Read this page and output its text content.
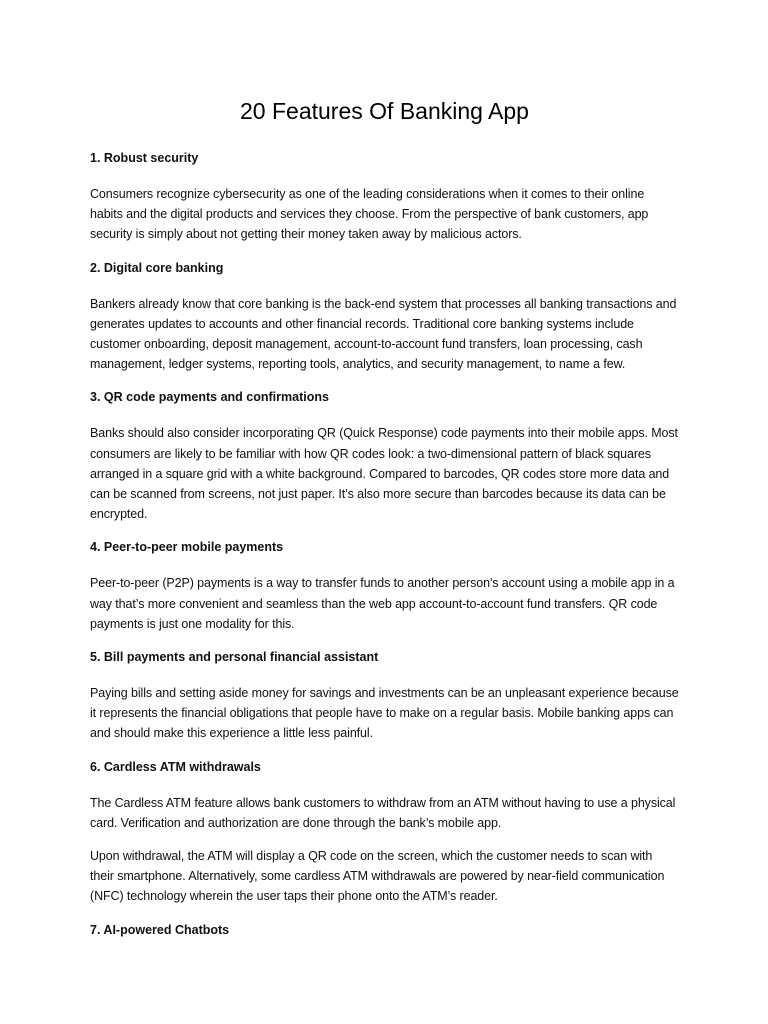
20 Features Of Banking App
1. Robust security

Consumers recognize cybersecurity as one of the leading considerations when it comes to their online habits and the digital products and services they choose. From the perspective of bank customers, app security is simply about not getting their money taken away by malicious actors.

2. Digital core banking

Bankers already know that core banking is the back-end system that processes all banking transactions and generates updates to accounts and other financial records. Traditional core banking systems include customer onboarding, deposit management, account-to-account fund transfers, loan processing, cash management, ledger systems, reporting tools, analytics, and security management, to name a few.

3. QR code payments and confirmations

Banks should also consider incorporating QR (Quick Response) code payments into their mobile apps. Most consumers are likely to be familiar with how QR codes look: a two-dimensional pattern of black squares arranged in a square grid with a white background. Compared to barcodes, QR codes store more data and can be scanned from screens, not just paper. It’s also more secure than barcodes because its data can be encrypted.

4. Peer-to-peer mobile payments

Peer-to-peer (P2P) payments is a way to transfer funds to another person's account using a mobile app in a way that’s more convenient and seamless than the web app account-to-account fund transfers. QR code payments is just one modality for this.

5. Bill payments and personal financial assistant

Paying bills and setting aside money for savings and investments can be an unpleasant experience because it represents the financial obligations that people have to make on a regular basis. Mobile banking apps can and should make this experience a little less painful.

6. Cardless ATM withdrawals

The Cardless ATM feature allows bank customers to withdraw from an ATM without having to use a physical card. Verification and authorization are done through the bank’s mobile app.

Upon withdrawal, the ATM will display a QR code on the screen, which the customer needs to scan with their smartphone. Alternatively, some cardless ATM withdrawals are powered by near-field communication (NFC) technology wherein the user taps their phone onto the ATM’s reader.

7. AI-powered Chatbots
